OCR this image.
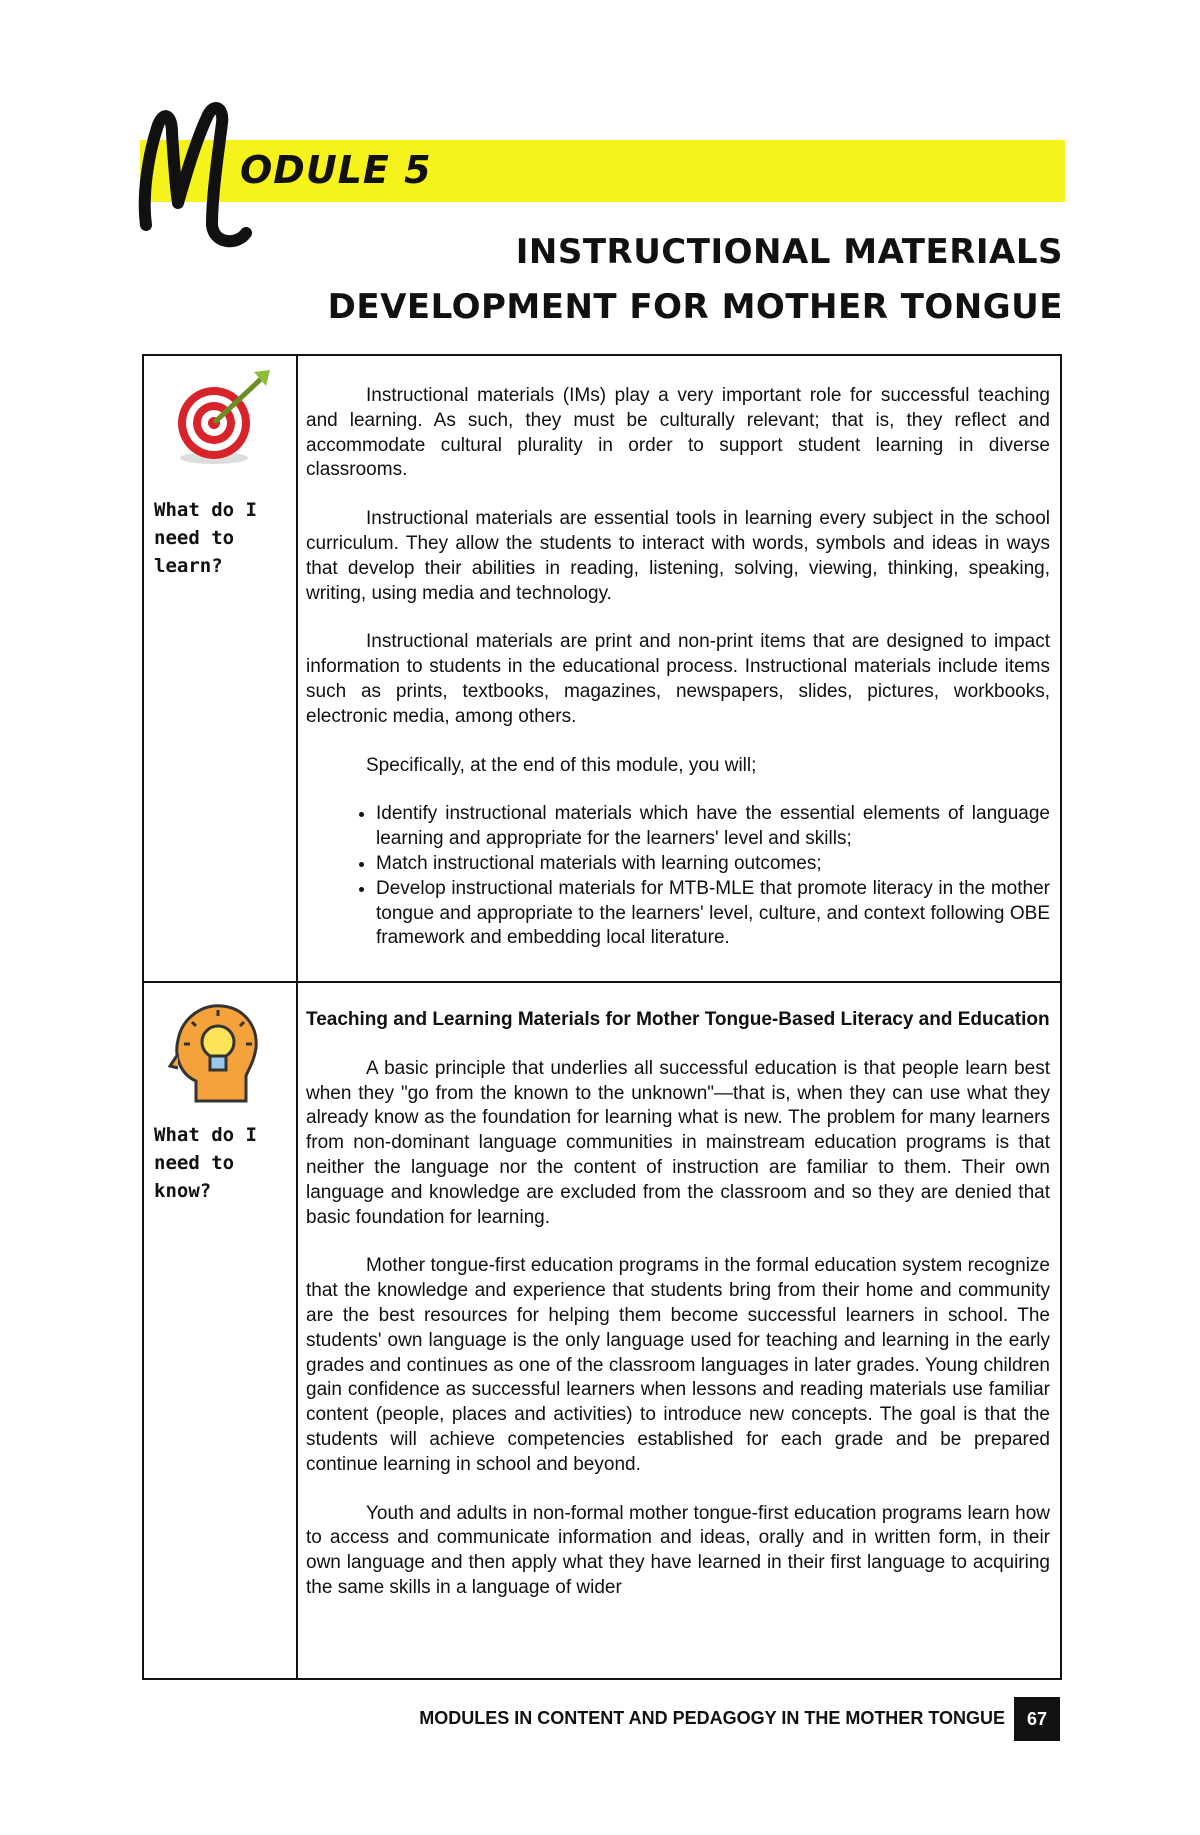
ODULE 5
INSTRUCTIONAL MATERIALS
DEVELOPMENT FOR MOTHER TONGUE
What do I
need to
learn?

Instructional materials (IMs) play a very important role for successful teaching and learning. As such, they must be culturally relevant; that is, they reflect and accommodate cultural plurality in order to support student learning in diverse classrooms.

Instructional materials are essential tools in learning every subject in the school curriculum. They allow the students to interact with words, symbols and ideas in ways that develop their abilities in reading, listening, solving, viewing, thinking, speaking, writing, using media and technology.

Instructional materials are print and non-print items that are designed to impact information to students in the educational process. Instructional materials include items such as prints, textbooks, magazines, newspapers, slides, pictures, workbooks, electronic media, among others.

Specifically, at the end of this module, you will;

• Identify instructional materials which have the essential elements of language learning and appropriate for the learners' level and skills;
• Match instructional materials with learning outcomes;
• Develop instructional materials for MTB-MLE that promote literacy in the mother tongue and appropriate to the learners' level, culture, and context following OBE framework and embedding local literature.
What do I
need to
know?
Teaching and Learning Materials for Mother Tongue-Based Literacy and Education

A basic principle that underlies all successful education is that people learn best when they "go from the known to the unknown"—that is, when they can use what they already know as the foundation for learning what is new. The problem for many learners from non-dominant language communities in mainstream education programs is that neither the language nor the content of instruction are familiar to them. Their own language and knowledge are excluded from the classroom and so they are denied that basic foundation for learning.

Mother tongue-first education programs in the formal education system recognize that the knowledge and experience that students bring from their home and community are the best resources for helping them become successful learners in school. The students' own language is the only language used for teaching and learning in the early grades and continues as one of the classroom languages in later grades. Young children gain confidence as successful learners when lessons and reading materials use familiar content (people, places and activities) to introduce new concepts. The goal is that the students will achieve competencies established for each grade and be prepared continue learning in school and beyond.

Youth and adults in non-formal mother tongue-first education programs learn how to access and communicate information and ideas, orally and in written form, in their own language and then apply what they have learned in their first language to acquiring the same skills in a language of wider

MODULES IN CONTENT AND PEDAGOGY IN THE MOTHER TONGUE	67
